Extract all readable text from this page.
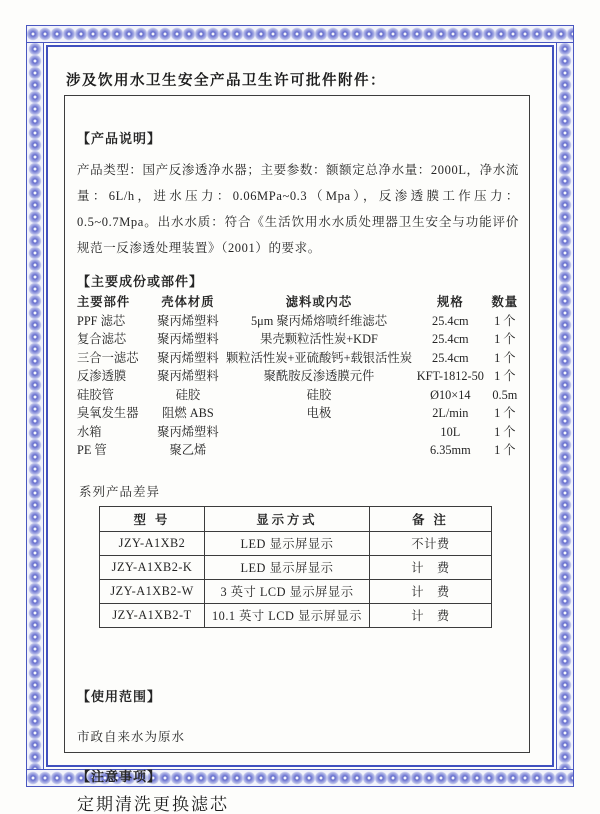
涉及饮用水卫生安全产品卫生许可批件附件：
【产品说明】

产品类型：国产反渗透净水器；主要参数：额额定总净水量：2000L，净水流量：6L/h，进水压力：0.06MPa~0.3（Mpa），反渗透膜工作压力：0.5~0.7Mpa。出水水质：符合《生活饮用水水质处理器卫生安全与功能评价规范一反渗透处理装置》（2001）的要求。

【主要成份或部件】
主要部件	壳体材质	滤料或内芯	规格	数量
PPF 滤芯	聚丙烯塑料	5μm 聚丙烯熔喷纤维滤芯	25.4cm	1 个
复合滤芯	聚丙烯塑料	果壳颗粒活性炭+KDF	25.4cm	1 个
三合一滤芯	聚丙烯塑料	颗粒活性炭+亚硫酸钙+载银活性炭	25.4cm	1 个
反渗透膜	聚丙烯塑料	聚酰胺反渗透膜元件	KFT-1812-50	1 个
硅胶管	硅胶	硅胶	Ø10×14	0.5m
臭氧发生器	阻燃 ABS	电极	2L/min	1 个
水箱	聚丙烯塑料		10L	1 个
PE 管	聚乙烯		6.35mm	1 个
系列产品差异
型 号	显示方式	备 注
JZY-A1XB2	LED 显示屏显示	不计费
JZY-A1XB2-K	LED 显示屏显示	计　费
JZY-A1XB2-W	3 英寸 LCD 显示屏显示	计　费
JZY-A1XB2-T	10.1 英寸 LCD 显示屏显示	计　费
【使用范围】

市政自来水为原水

【注意事项】

定期清洗更换滤芯
